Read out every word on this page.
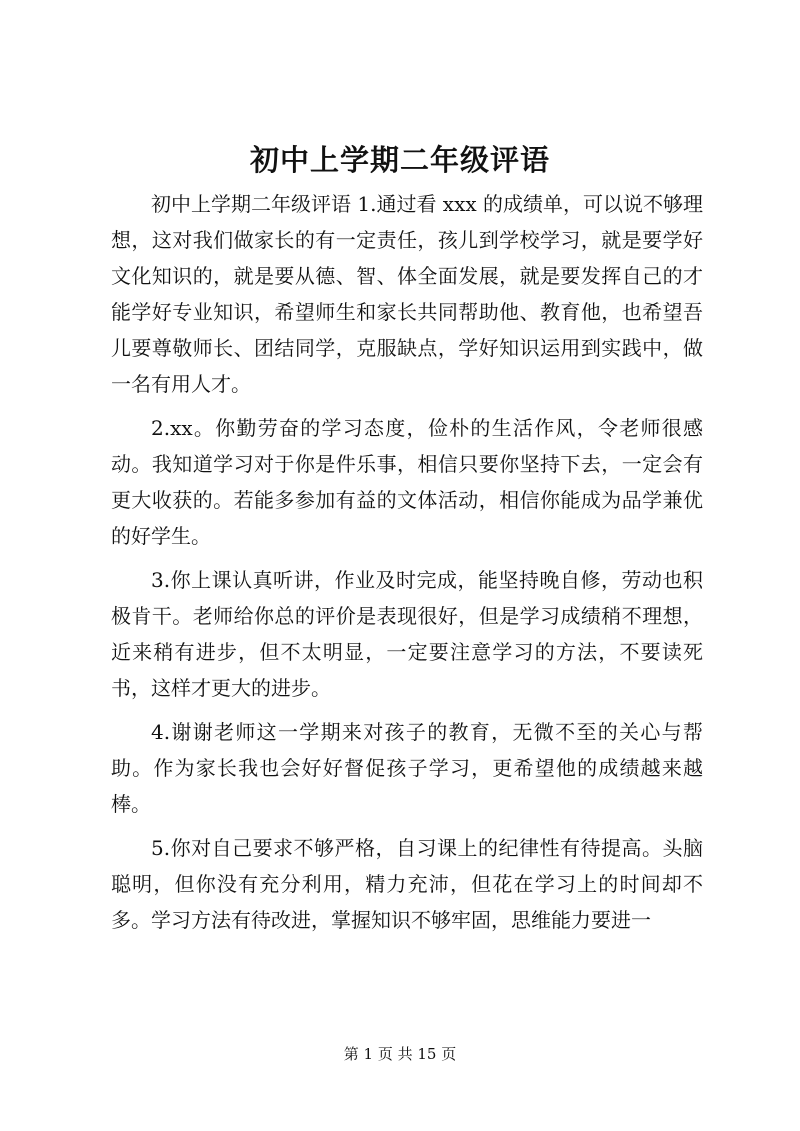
初中上学期二年级评语

初中上学期二年级评语 1.通过看 xxx 的成绩单，可以说不够理想，这对我们做家长的有一定责任，孩儿到学校学习，就是要学好文化知识的，就是要从德、智、体全面发展，就是要发挥自己的才能学好专业知识，希望师生和家长共同帮助他、教育他，也希望吾儿要尊敬师长、团结同学，克服缺点，学好知识运用到实践中，做一名有用人才。

2.xx。你勤劳奋的学习态度，俭朴的生活作风，令老师很感动。我知道学习对于你是件乐事，相信只要你坚持下去，一定会有更大收获的。若能多参加有益的文体活动，相信你能成为品学兼优的好学生。

3.你上课认真听讲，作业及时完成，能坚持晚自修，劳动也积极肯干。老师给你总的评价是表现很好，但是学习成绩稍不理想，近来稍有进步，但不太明显，一定要注意学习的方法，不要读死书，这样才更大的进步。

4.谢谢老师这一学期来对孩子的教育，无微不至的关心与帮助。作为家长我也会好好督促孩子学习，更希望他的成绩越来越棒。

5.你对自己要求不够严格，自习课上的纪律性有待提高。头脑聪明，但你没有充分利用，精力充沛，但花在学习上的时间却不多。学习方法有待改进，掌握知识不够牢固，思维能力要进一

第 1 页 共 15 页
